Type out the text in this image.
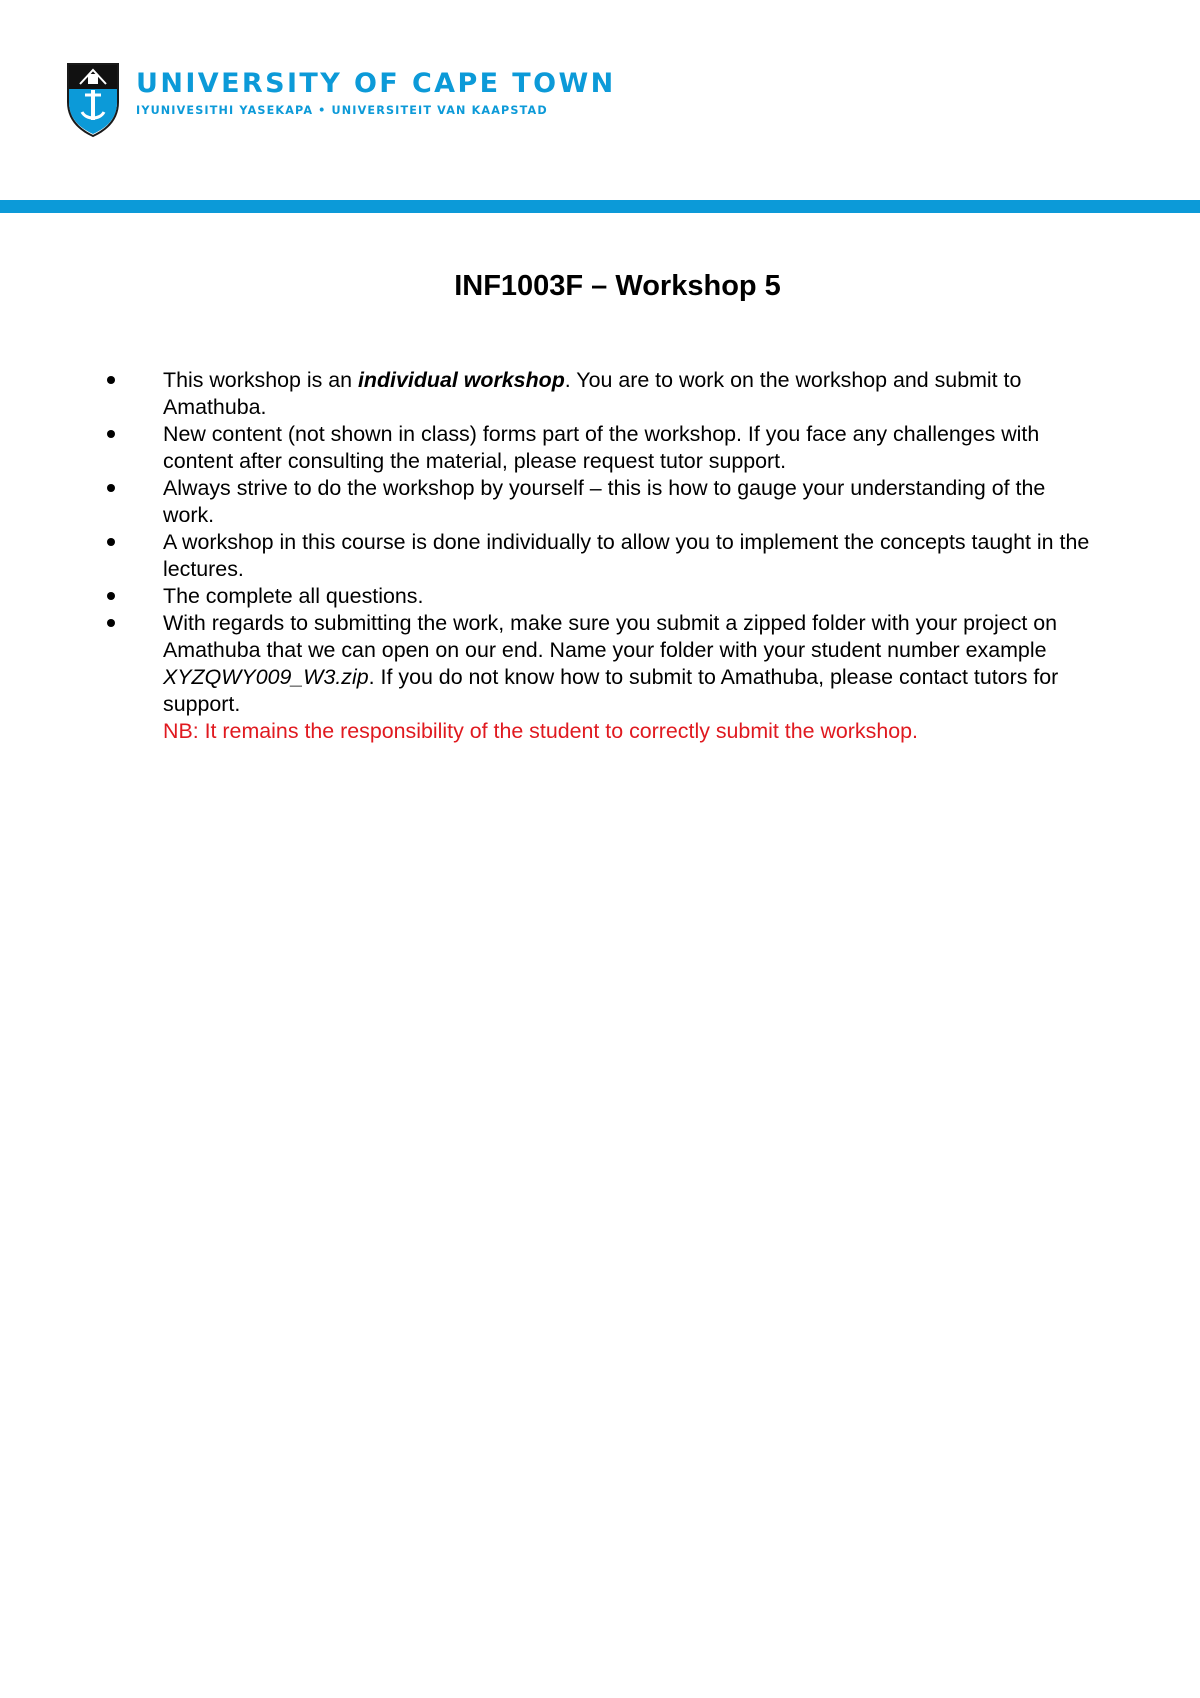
UNIVERSITY OF CAPE TOWN
IYUNIVESITHI YASEKAPA • UNIVERSITEIT VAN KAAPSTAD
INF1003F – Workshop 5
This workshop is an individual workshop. You are to work on the workshop and submit to Amathuba.
New content (not shown in class) forms part of the workshop. If you face any challenges with content after consulting the material, please request tutor support.
Always strive to do the workshop by yourself – this is how to gauge your understanding of the work.
A workshop in this course is done individually to allow you to implement the concepts taught in the lectures.
The complete all questions.
With regards to submitting the work, make sure you submit a zipped folder with your project on Amathuba that we can open on our end. Name your folder with your student number example XYZQWY009_W3.zip. If you do not know how to submit to Amathuba, please contact tutors for support.
NB: It remains the responsibility of the student to correctly submit the workshop.
